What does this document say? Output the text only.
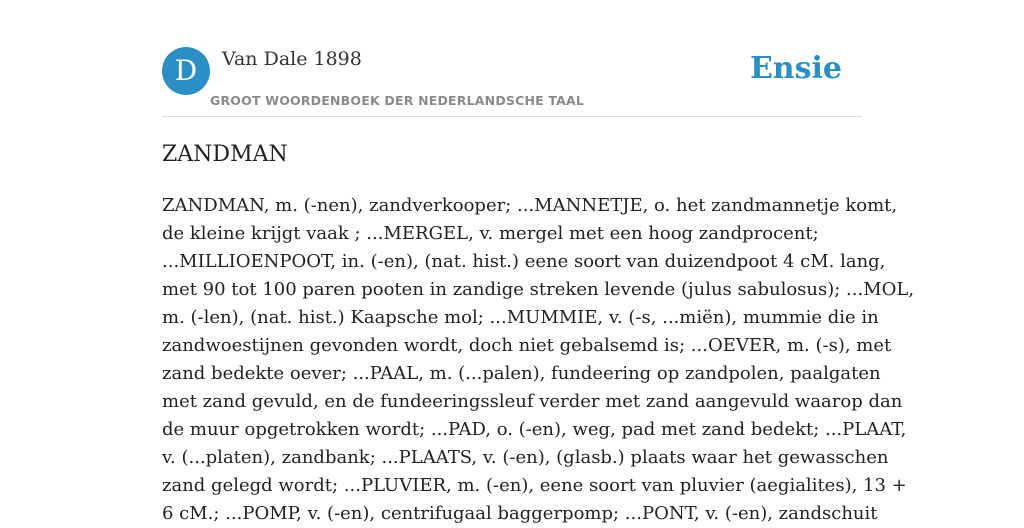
D	Van Dale 1898
GROOT WOORDENBOEK DER NEDERLANDSCHE TAAL
Ensie
ZANDMAN
ZANDMAN, m. (-nen), zandverkooper; ...MANNETJE, o. het zandmannetje komt,
de kleine krijgt vaak ; ...MERGEL, v. mergel met een hoog zandprocent;
...MILLIOENPOOT, in. (-en), (nat. hist.) eene soort van duizendpoot 4 cM. lang,
met 90 tot 100 paren pooten in zandige streken levende (julus sabulosus); ...MOL,
m. (-len), (nat. hist.) Kaapsche mol; ...MUMMIE, v. (-s, ...miën), mummie die in
zandwoestijnen gevonden wordt, doch niet gebalsemd is; ...OEVER, m. (-s), met
zand bedekte oever; ...PAAL, m. (...palen), fundeering op zandpolen, paalgaten
met zand gevuld, en de fundeeringssleuf verder met zand aangevuld waarop dan
de muur opgetrokken wordt; ...PAD, o. (-en), weg, pad met zand bedekt; ...PLAAT,
v. (...platen), zandbank; ...PLAATS, v. (-en), (glasb.) plaats waar het gewasschen
zand gelegd wordt; ...PLUVIER, m. (-en), eene soort van pluvier (aegialites), 13 +
6 cM.; ...POMP, v. (-en), centrifugaal baggerpomp; ...PONT, v. (-en), zandschuit
